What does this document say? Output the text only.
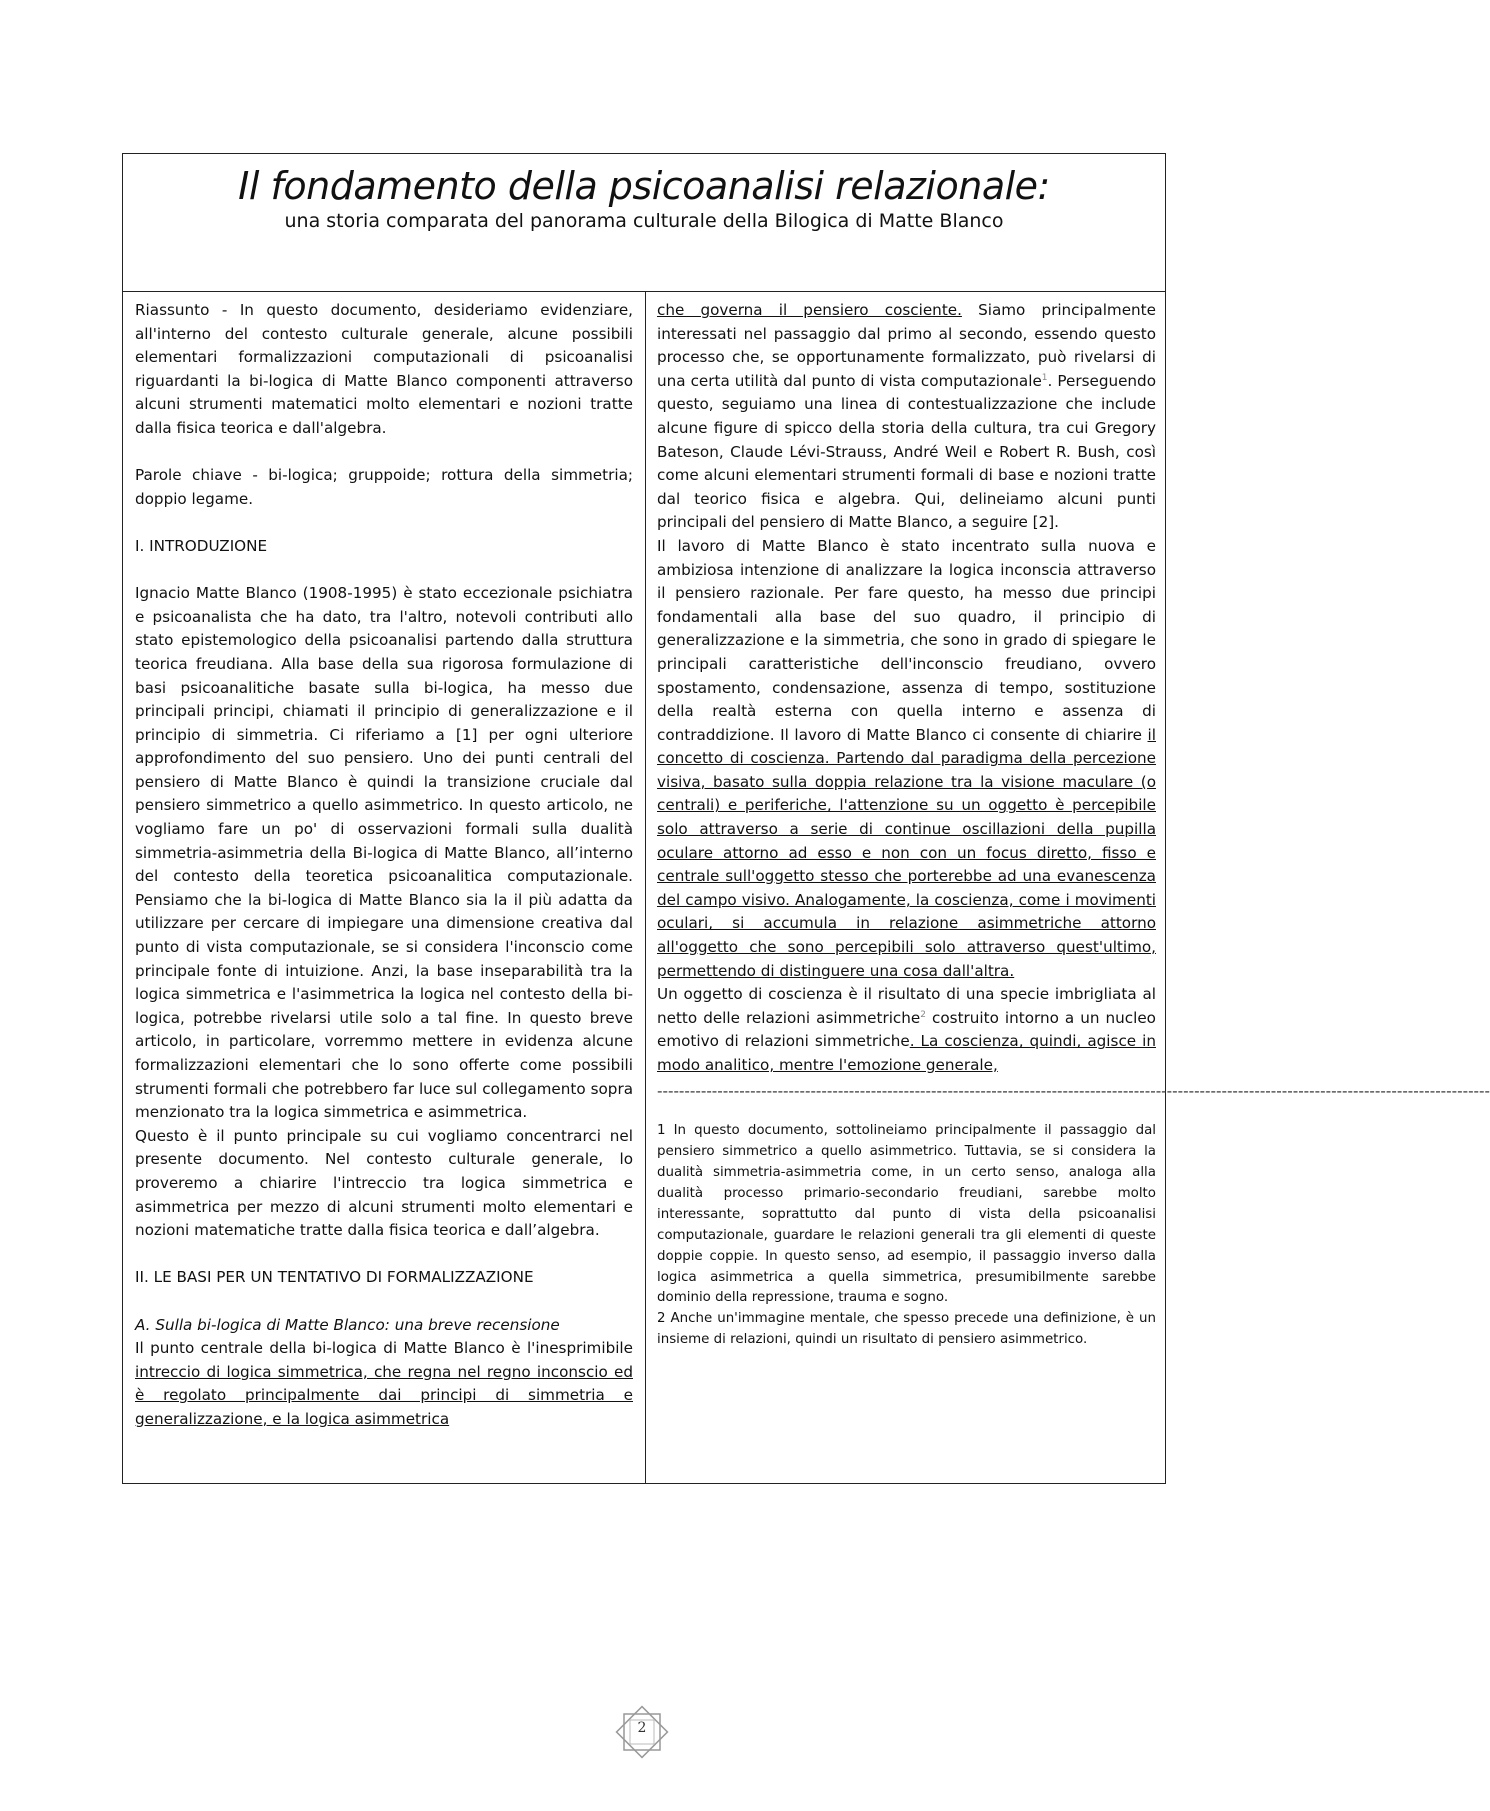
Il fondamento della psicoanalisi relazionale:
una storia comparata del panorama culturale della Bilogica di Matte Blanco

Riassunto - In questo documento, desideriamo evidenziare, all'interno del contesto culturale generale, alcune possibili elementari formalizzazioni computazionali di psicoanalisi riguardanti la bi-logica di Matte Blanco componenti attraverso alcuni strumenti matematici molto elementari e nozioni tratte dalla fisica teorica e dall'algebra.

Parole chiave - bi-logica; gruppoide; rottura della simmetria; doppio legame.

I. INTRODUZIONE

Ignacio Matte Blanco (1908-1995) è stato eccezionale psichiatra e psicoanalista che ha dato, tra l'altro, notevoli contributi allo stato epistemologico della psicoanalisi partendo dalla struttura teorica freudiana. Alla base della sua rigorosa formulazione di basi psicoanalitiche basate sulla bi-logica, ha messo due principali principi, chiamati il principio di generalizzazione e il principio di simmetria. Ci riferiamo a [1] per ogni ulteriore approfondimento del suo pensiero. Uno dei punti centrali del pensiero di Matte Blanco è quindi la transizione cruciale dal pensiero simmetrico a quello asimmetrico. In questo articolo, ne vogliamo fare un po' di osservazioni formali sulla dualità simmetria-asimmetria della Bi-logica di Matte Blanco, all’interno del contesto della teoretica psicoanalitica computazionale. Pensiamo che la bi-logica di Matte Blanco sia la il più adatta da utilizzare per cercare di impiegare una dimensione creativa dal punto di vista computazionale, se si considera l'inconscio come principale fonte di intuizione. Anzi, la base inseparabilità tra la logica simmetrica e l'asimmetrica la logica nel contesto della bi-logica, potrebbe rivelarsi utile solo a tal fine. In questo breve articolo, in particolare, vorremmo mettere in evidenza alcune formalizzazioni elementari che lo sono offerte come possibili strumenti formali che potrebbero far luce sul collegamento sopra menzionato tra la logica simmetrica e asimmetrica.

Questo è il punto principale su cui vogliamo concentrarci nel presente documento. Nel contesto culturale generale, lo proveremo a chiarire l'intreccio tra logica simmetrica e asimmetrica per mezzo di alcuni strumenti molto elementari e nozioni matematiche tratte dalla fisica teorica e dall’algebra.

II. LE BASI PER UN TENTATIVO DI FORMALIZZAZIONE

A. Sulla bi-logica di Matte Blanco: una breve recensione

Il punto centrale della bi-logica di Matte Blanco è l'inesprimibile intreccio di logica simmetrica, che regna nel regno inconscio ed è regolato principalmente dai principi di simmetria e generalizzazione, e la logica asimmetrica

che governa il pensiero cosciente. Siamo principalmente interessati nel passaggio dal primo al secondo, essendo questo processo che, se opportunamente formalizzato, può rivelarsi di una certa utilità dal punto di vista computazionale$^1$. Perseguendo questo, seguiamo una linea di contestualizzazione che include alcune figure di spicco della storia della cultura, tra cui Gregory Bateson, Claude Lévi-Strauss, André Weil e Robert R. Bush, così come alcuni elementari strumenti formali di base e nozioni tratte dal teorico fisica e algebra. Qui, delineiamo alcuni punti principali del pensiero di Matte Blanco, a seguire [2].

Il lavoro di Matte Blanco è stato incentrato sulla nuova e ambiziosa intenzione di analizzare la logica inconscia attraverso il pensiero razionale. Per fare questo, ha messo due principi fondamentali alla base del suo quadro, il principio di generalizzazione e la simmetria, che sono in grado di spiegare le principali caratteristiche dell'inconscio freudiano, ovvero spostamento, condensazione, assenza di tempo, sostituzione della realtà esterna con quella interno e assenza di contraddizione. Il lavoro di Matte Blanco ci consente di chiarire il concetto di coscienza. Partendo dal paradigma della percezione visiva, basato sulla doppia relazione tra la visione maculare (o centrali) e periferiche, l'attenzione su un oggetto è percepibile solo attraverso a serie di continue oscillazioni della pupilla oculare attorno ad esso e non con un focus diretto, fisso e centrale sull'oggetto stesso che porterebbe ad una evanescenza del campo visivo. Analogamente, la coscienza, come i movimenti oculari, si accumula in relazione asimmetriche attorno all'oggetto che sono percepibili solo attraverso quest'ultimo, permettendo di distinguere una cosa dall'altra.

Un oggetto di coscienza è il risultato di una specie imbrigliata al netto delle relazioni asimmetriche$^2$ costruito intorno a un nucleo emotivo di relazioni simmetriche. La coscienza, quindi, agisce in modo analitico, mentre l'emozione generale,

--------------------------------------------------------------------------------------------------------------------------------------------------------

1 In questo documento, sottolineiamo principalmente il passaggio dal pensiero simmetrico a quello asimmetrico. Tuttavia, se si considera la dualità simmetria-asimmetria come, in un certo senso, analoga alla dualità processo primario-secondario freudiani, sarebbe molto interessante, soprattutto dal punto di vista della psicoanalisi computazionale, guardare le relazioni generali tra gli elementi di queste doppie coppie. In questo senso, ad esempio, il passaggio inverso dalla logica asimmetrica a quella simmetrica, presumibilmente sarebbe dominio della repressione, trauma e sogno.

2 Anche un'immagine mentale, che spesso precede una definizione, è un insieme di relazioni, quindi un risultato di pensiero asimmetrico.

2
